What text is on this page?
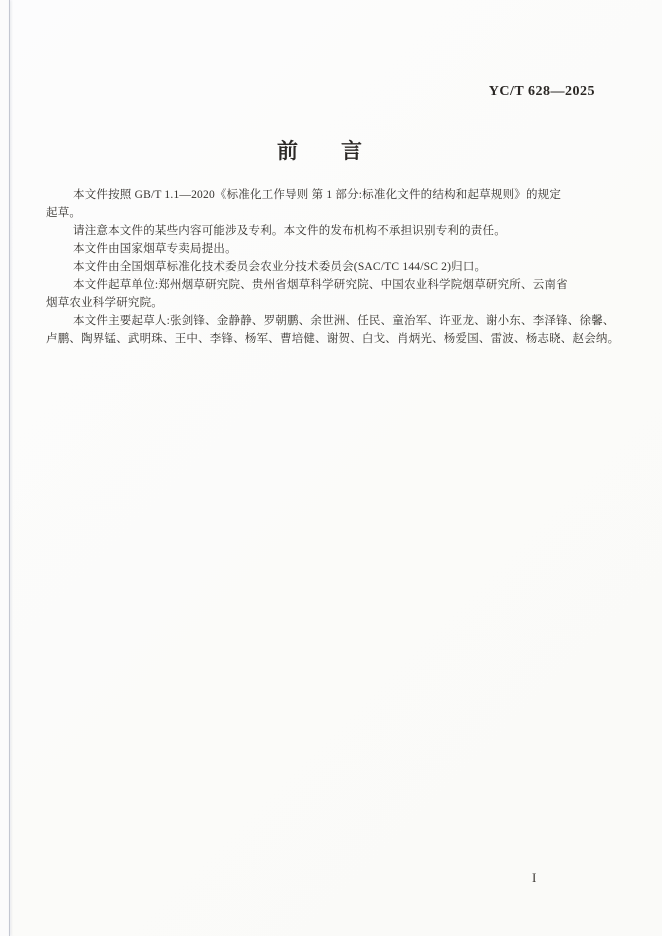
YC/T 628—2025
前 言
本文件按照 GB/T 1.1—2020《标准化工作导则 第 1 部分:标准化文件的结构和起草规则》的规定
起草。
请注意本文件的某些内容可能涉及专利。本文件的发布机构不承担识别专利的责任。
本文件由国家烟草专卖局提出。
本文件由全国烟草标准化技术委员会农业分技术委员会(SAC/TC 144/SC 2)归口。
本文件起草单位:郑州烟草研究院、贵州省烟草科学研究院、中国农业科学院烟草研究所、云南省
烟草农业科学研究院。
本文件主要起草人:张剑锋、金静静、罗朝鹏、余世洲、任民、童治军、许亚龙、谢小东、李泽锋、徐馨、
卢鹏、陶界锰、武明珠、王中、李锋、杨军、曹培健、谢贺、白戈、肖炳光、杨爱国、雷波、杨志晓、赵会纳。
I
